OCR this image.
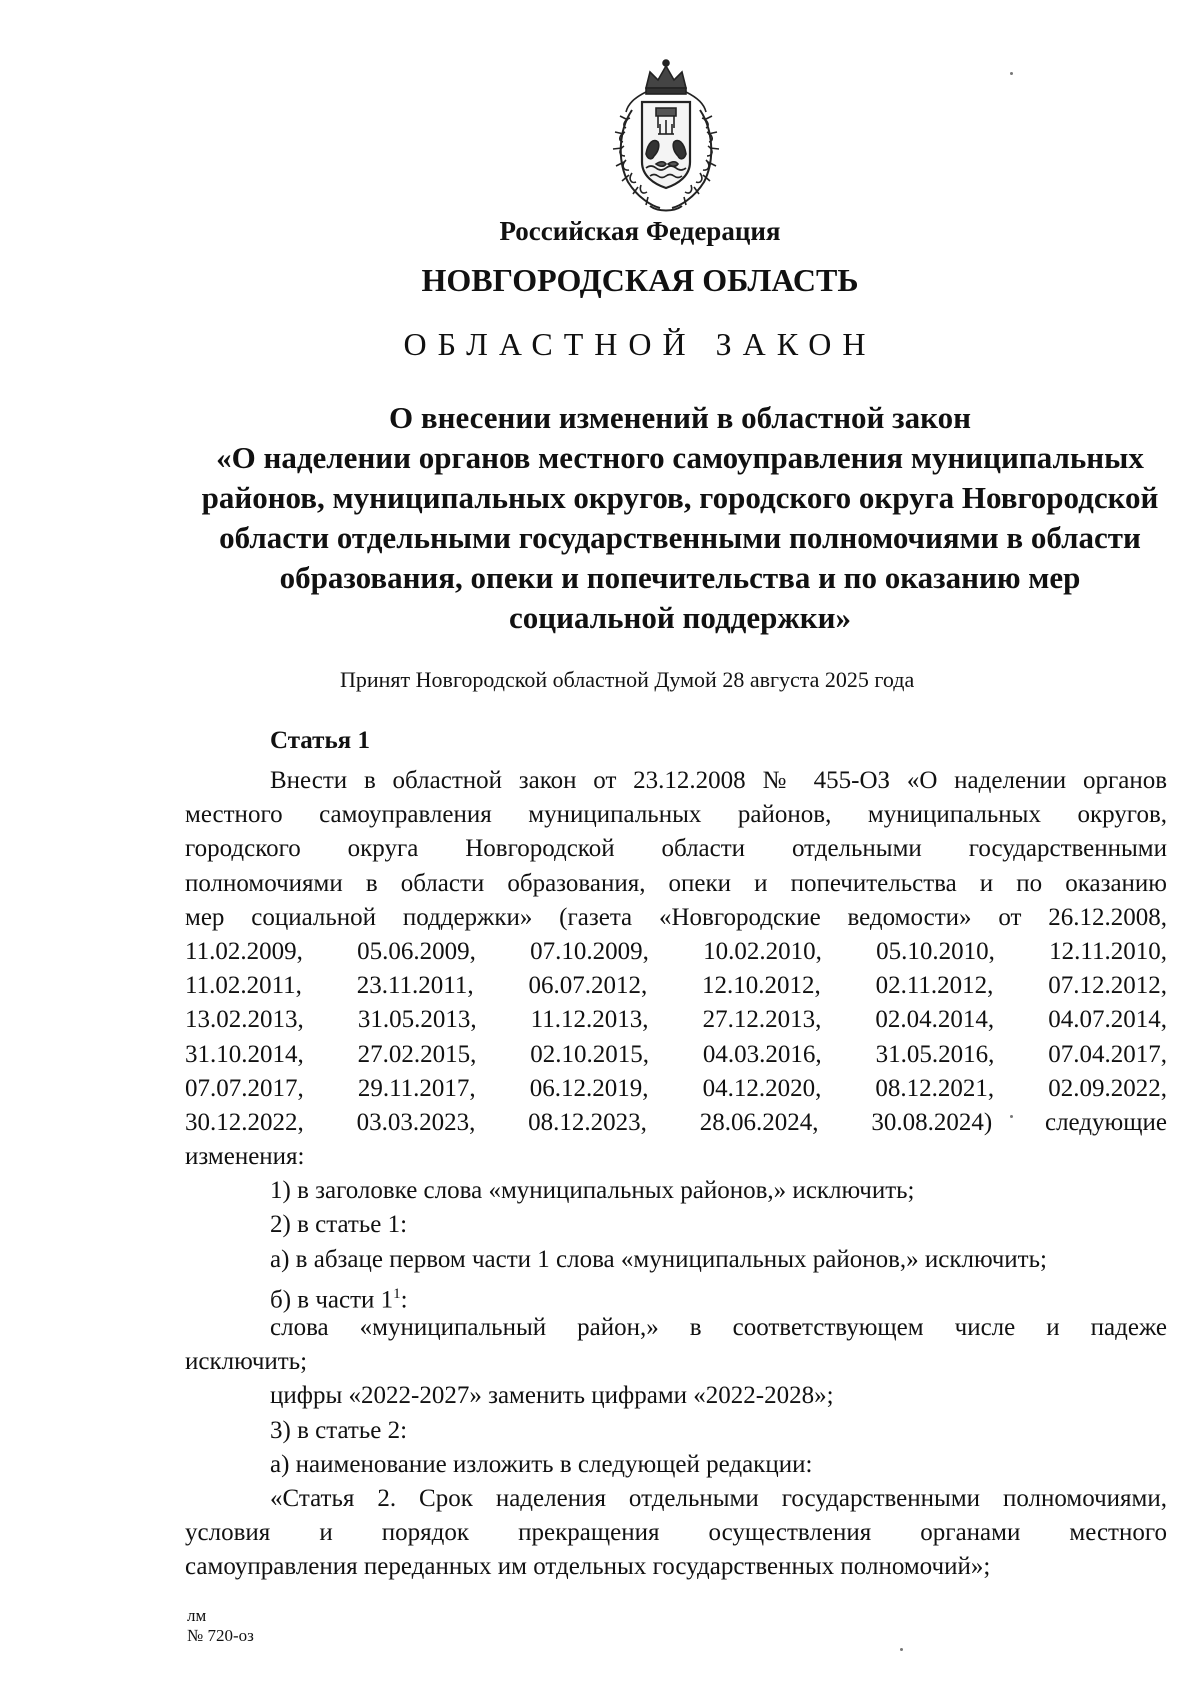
Российская Федерация
НОВГОРОДСКАЯ ОБЛАСТЬ
ОБЛАСТНОЙ ЗАКОН
О внесении изменений в областной закон
«О наделении органов местного самоуправления муниципальных
районов, муниципальных округов, городского округа Новгородской
области отдельными государственными полномочиями в области
образования, опеки и попечительства и по оказанию мер
социальной поддержки»
Принят Новгородской областной Думой 28 августа 2025 года
Статья 1
Внести в областной закон от 23.12.2008 № 455-ОЗ «О наделении органов
местного самоуправления муниципальных районов, муниципальных округов,
городского округа Новгородской области отдельными государственными
полномочиями в области образования, опеки и попечительства и по оказанию
мер социальной поддержки» (газета «Новгородские ведомости» от 26.12.2008,
11.02.2009, 05.06.2009, 07.10.2009, 10.02.2010, 05.10.2010, 12.11.2010,
11.02.2011, 23.11.2011, 06.07.2012, 12.10.2012, 02.11.2012, 07.12.2012,
13.02.2013, 31.05.2013, 11.12.2013, 27.12.2013, 02.04.2014, 04.07.2014,
31.10.2014, 27.02.2015, 02.10.2015, 04.03.2016, 31.05.2016, 07.04.2017,
07.07.2017, 29.11.2017, 06.12.2019, 04.12.2020, 08.12.2021, 02.09.2022,
30.12.2022, 03.03.2023, 08.12.2023, 28.06.2024, 30.08.2024) следующие
изменения:
1) в заголовке слова «муниципальных районов,» исключить;
2) в статье 1:
а) в абзаце первом части 1 слова «муниципальных районов,» исключить;
б) в части $1^1$:
слова «муниципальный район,» в соответствующем числе и падеже
исключить;
цифры «2022-2027» заменить цифрами «2022-2028»;
3) в статье 2:
а) наименование изложить в следующей редакции:
«Статья 2. Срок наделения отдельными государственными полномочиями,
условия и порядок прекращения осуществления органами местного
самоуправления переданных им отдельных государственных полномочий»;
лм
№ 720-оз
